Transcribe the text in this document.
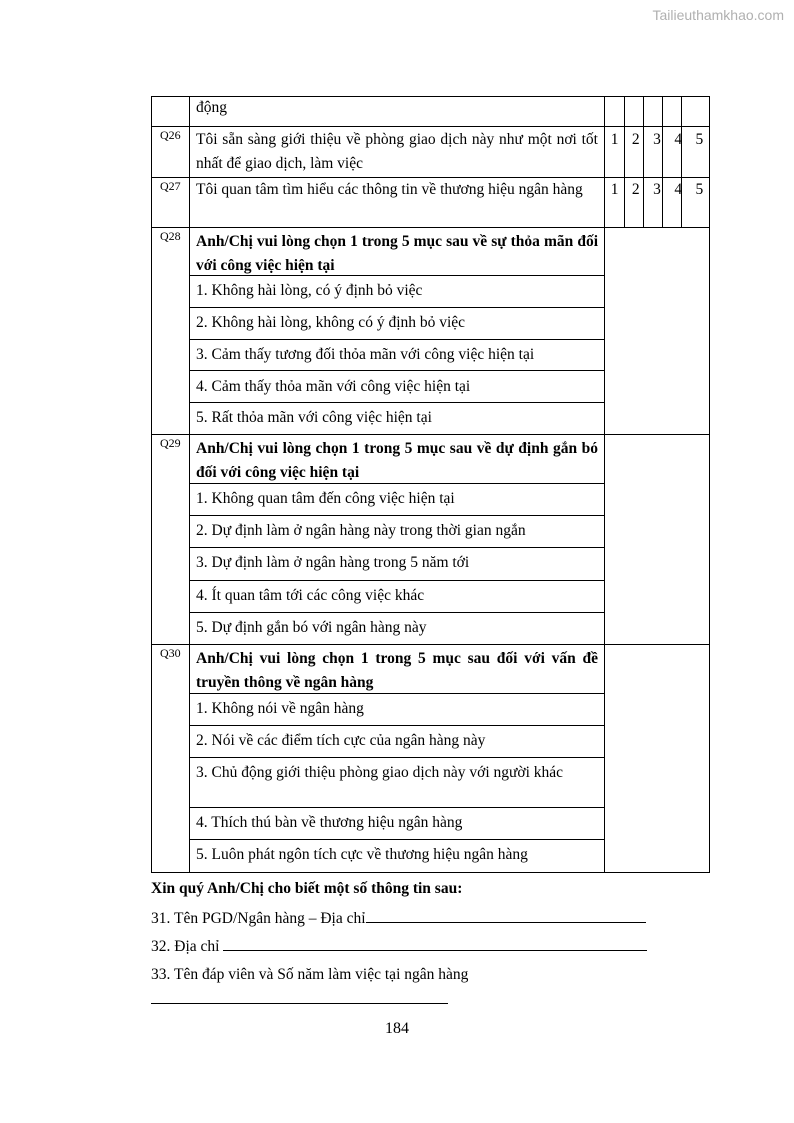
Tailieuthamkhao.com
động
Q26 Tôi sẵn sàng giới thiệu về phòng giao dịch này như một nơi tốt nhất để giao dịch, làm việc
1 2 3 4 5
Q27 Tôi quan tâm tìm hiểu các thông tin về thương hiệu ngân hàng	1 2 3 4 5
Q28 Anh/Chị vui lòng chọn 1 trong 5 mục sau về sự thỏa mãn đối với công việc hiện tại
1. Không hài lòng, có ý định bỏ việc
2. Không hài lòng, không có ý định bỏ việc
3. Cảm thấy tương đối thỏa mãn với công việc hiện tại
4. Cảm thấy thỏa mãn với công việc hiện tại
5. Rất thỏa mãn với công việc hiện tại
Q29 Anh/Chị vui lòng chọn 1 trong 5 mục sau về dự định gắn bó đối với công việc hiện tại
1. Không quan tâm đến công việc hiện tại
2. Dự định làm ở ngân hàng này trong thời gian ngắn
3. Dự định làm ở ngân hàng trong 5 năm tới
4. Ít quan tâm tới các công việc khác
5. Dự định gắn bó với ngân hàng này
Q30 Anh/Chị vui lòng chọn 1 trong 5 mục sau đối với vấn đề truyền thông về ngân hàng
1. Không nói về ngân hàng
2. Nói về các điểm tích cực của ngân hàng này
3. Chủ động giới thiệu phòng giao dịch này với người khác
4. Thích thú bàn về thương hiệu ngân hàng
5. Luôn phát ngôn tích cực về thương hiệu ngân hàng
Xin quý Anh/Chị cho biết một số thông tin sau:
31. Tên PGD/Ngân hàng – Địa chỉ
32. Địa chỉ
33. Tên đáp viên và Số năm làm việc tại ngân hàng
184
